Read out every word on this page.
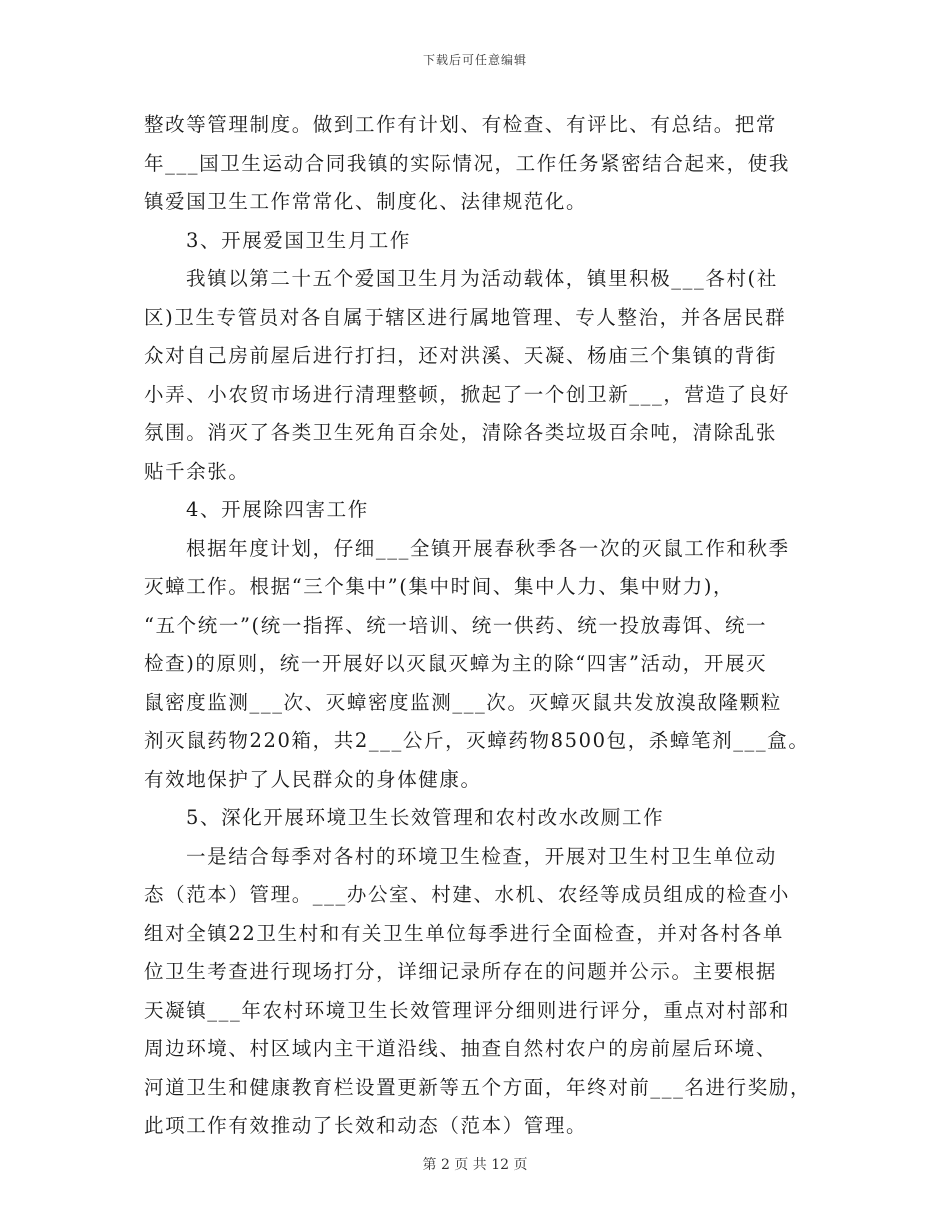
下载后可任意编辑
整改等管理制度。做到工作有计划、有检查、有评比、有总结。把常
年___国卫生运动合同我镇的实际情况，工作任务紧密结合起来，使我
镇爱国卫生工作常常化、制度化、法律规范化。
3、开展爱国卫生月工作
我镇以第二十五个爱国卫生月为活动载体，镇里积极___各村(社
区)卫生专管员对各自属于辖区进行属地管理、专人整治，并各居民群
众对自己房前屋后进行打扫，还对洪溪、天凝、杨庙三个集镇的背街
小弄、小农贸市场进行清理整顿，掀起了一个创卫新___，营造了良好
氛围。消灭了各类卫生死角百余处，清除各类垃圾百余吨，清除乱张
贴千余张。
4、开展除四害工作
根据年度计划，仔细___全镇开展春秋季各一次的灭鼠工作和秋季
灭蟑工作。根据“三个集中”(集中时间、集中人力、集中财力)，
“五个统一”(统一指挥、统一培训、统一供药、统一投放毒饵、统一
检查)的原则，统一开展好以灭鼠灭蟑为主的除“四害”活动，开展灭
鼠密度监测___次、灭蟑密度监测___次。灭蟑灭鼠共发放溴敌隆颗粒
剂灭鼠药物220箱，共2___公斤，灭蟑药物8500包，杀蟑笔剂___盒。
有效地保护了人民群众的身体健康。
5、深化开展环境卫生长效管理和农村改水改厕工作
一是结合每季对各村的环境卫生检查，开展对卫生村卫生单位动
态（范本）管理。___办公室、村建、水机、农经等成员组成的检查小
组对全镇22卫生村和有关卫生单位每季进行全面检查，并对各村各单
位卫生考查进行现场打分，详细记录所存在的问题并公示。主要根据
天凝镇___年农村环境卫生长效管理评分细则进行评分，重点对村部和
周边环境、村区域内主干道沿线、抽查自然村农户的房前屋后环境、
河道卫生和健康教育栏设置更新等五个方面，年终对前___名进行奖励，
此项工作有效推动了长效和动态（范本）管理。
第 2 页 共 12 页
